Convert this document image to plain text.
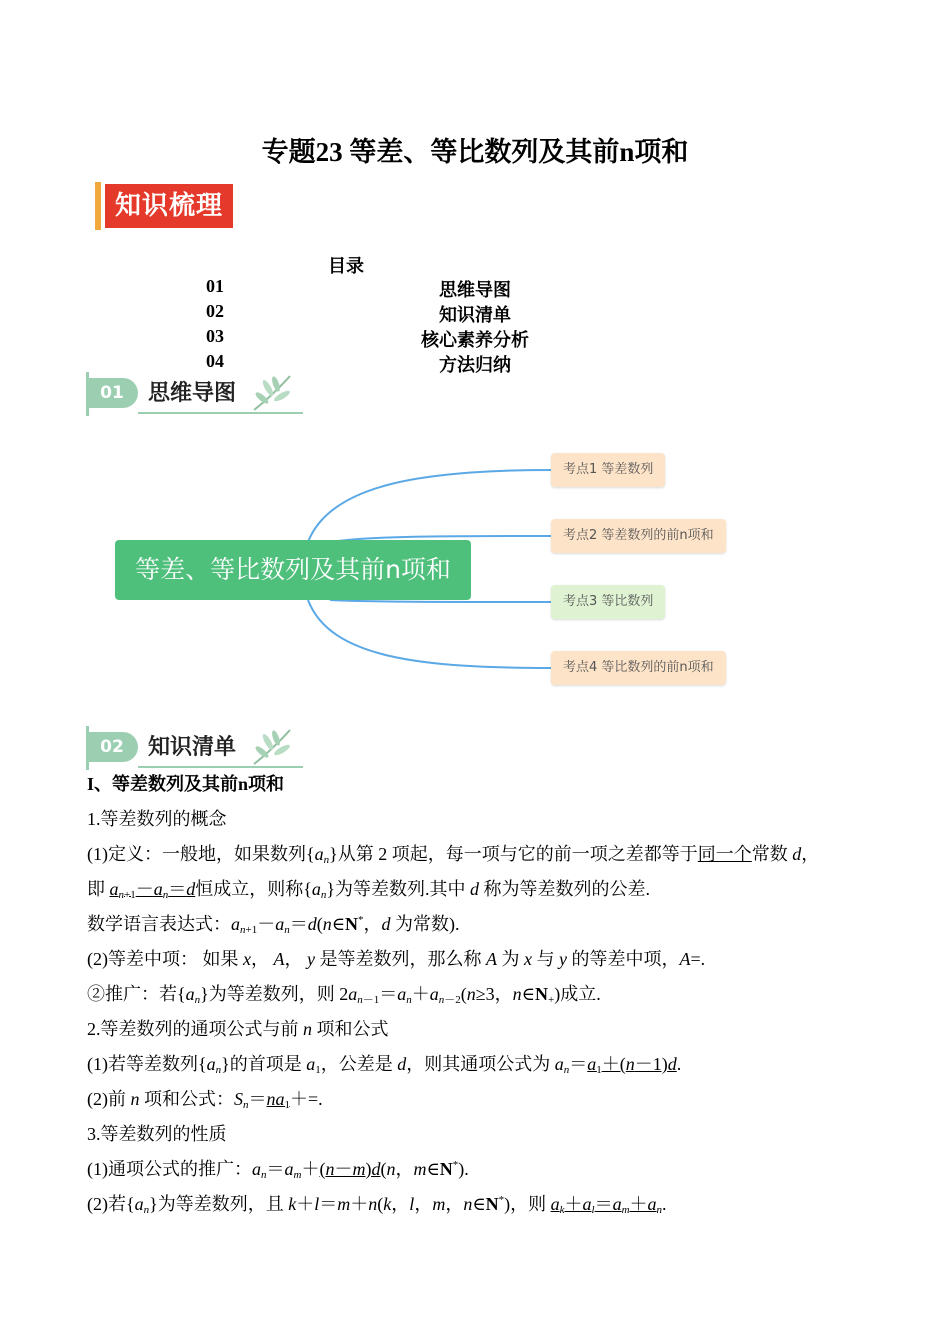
专题23 等差、等比数列及其前n项和
知识梳理
目录
01	思维导图
02	知识清单
03	核心素养分析
04	方法归纳
01	思维导图
等差、等比数列及其前n项和
考点1 等差数列
考点2 等差数列的前n项和
考点3 等比数列
考点4 等比数列的前n项和
02	知识清单

I、等差数列及其前n项和

1.等差数列的概念

(1)定义：一般地，如果数列$\{a_n\}$从第 2 项起，每一项与它的前一项之差都等于同一个常数 d，

即 $a_{n+1}-a_n=d$恒成立，则称$\{a_n\}$为等差数列.其中 d 称为等差数列的公差.

数学语言表达式：$a_{n+1}-a_n=d(n\in N^*$，d 为常数).

(2)等差中项： 如果 x， A， y 是等差数列，那么称 A 为 x 与 y 的等差中项，A=.

②推广：若$\{a_n\}$为等差数列，则 $2a_{n-1}=a_n+a_{n-2}(n\ge 3$，$n\in N_+$)成立.

2.等差数列的通项公式与前 n 项和公式

(1)若等差数列$\{a_n\}$的首项是 $a_1$，公差是 d，则其通项公式为 $a_n=a_1+(n-1)d$.

(2)前 n 项和公式：$S_n=na_1+=$.

3.等差数列的性质

(1)通项公式的推广：$a_n=a_m+(n-m)d(n$，m∈N*).

(2)若$\{a_n\}$为等差数列，且 k＋l＝m＋n(k，l，m，n∈N*)，则 $a_k+a_l=a_m+a_n$.
